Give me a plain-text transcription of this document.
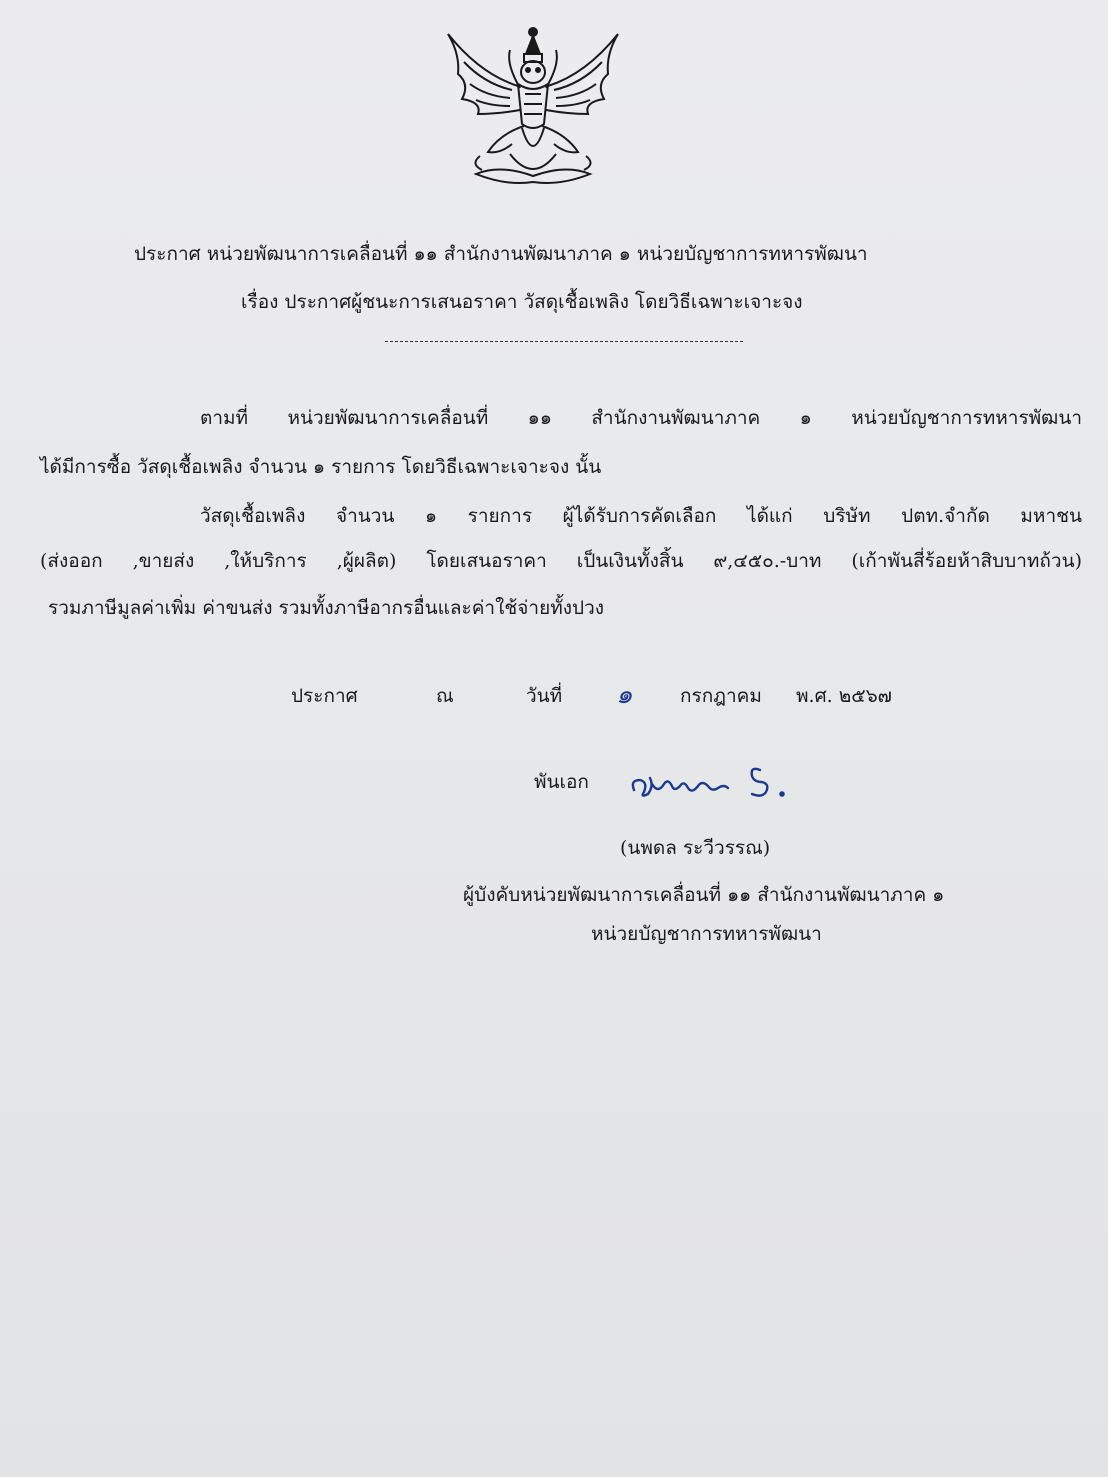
ประกาศ หน่วยพัฒนาการเคลื่อนที่ ๑๑ สำนักงานพัฒนาภาค ๑ หน่วยบัญชาการทหารพัฒนา
เรื่อง ประกาศผู้ชนะการเสนอราคา วัสดุเชื้อเพลิง โดยวิธีเฉพาะเจาะจง
ตามที่ หน่วยพัฒนาการเคลื่อนที่ ๑๑ สำนักงานพัฒนาภาค ๑ หน่วยบัญชาการทหารพัฒนา
ได้มีการซื้อ วัสดุเชื้อเพลิง จำนวน ๑ รายการ โดยวิธีเฉพาะเจาะจง นั้น
วัสดุเชื้อเพลิง จำนวน ๑ รายการ ผู้ได้รับการคัดเลือก ได้แก่ บริษัท ปตท.จำกัด มหาชน
(ส่งออก ,ขายส่ง ,ให้บริการ ,ผู้ผลิต) โดยเสนอราคา เป็นเงินทั้งสิ้น ๙,๔๕๐.-บาท (เก้าพันสี่ร้อยห้าสิบบาทถ้วน)
รวมภาษีมูลค่าเพิ่ม ค่าขนส่ง รวมทั้งภาษีอากรอื่นและค่าใช้จ่ายทั้งปวง
ประกาศ	ณ	วันที่ ๑ กรกฎาคม พ.ศ. ๒๕๖๗
พันเอก
(นพดล ระวีวรรณ)
ผู้บังคับหน่วยพัฒนาการเคลื่อนที่ ๑๑ สำนักงานพัฒนาภาค ๑
หน่วยบัญชาการทหารพัฒนา
